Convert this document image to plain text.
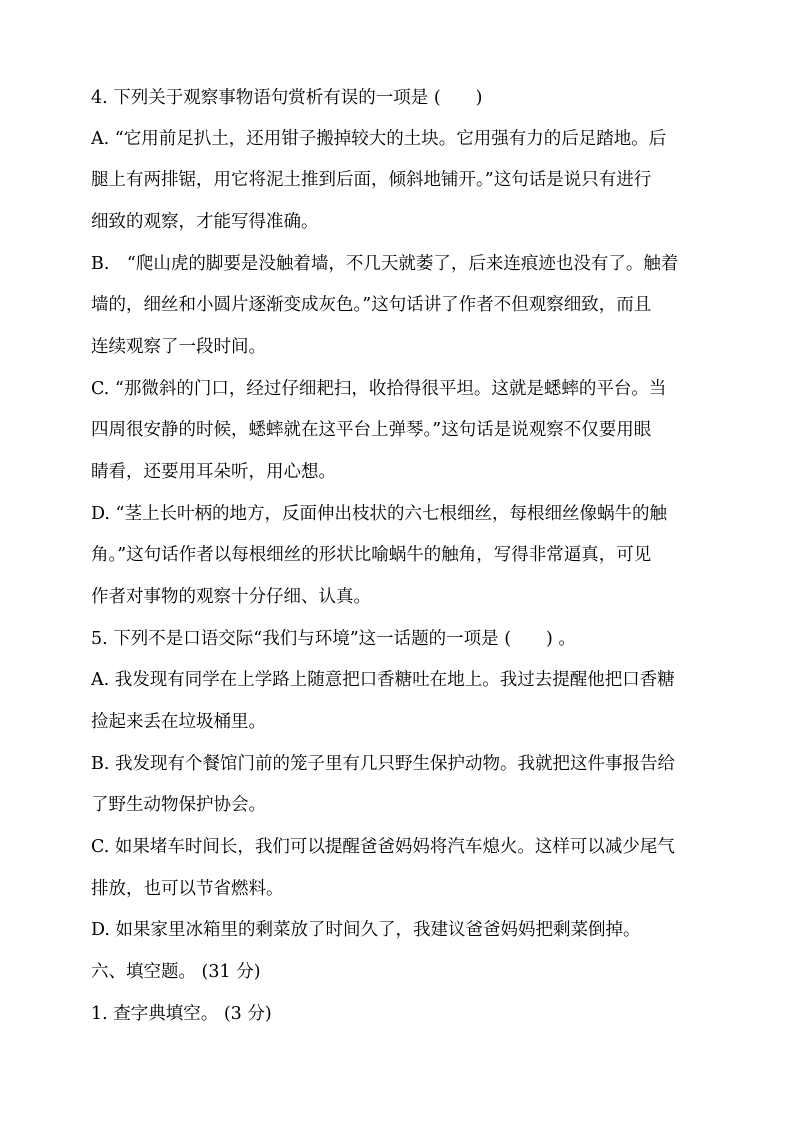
4. 下列关于观察事物语句赏析有误的一项是 (　　)
A. “它用前足扒土，还用钳子搬掉较大的土块。它用强有力的后足踏地。后
腿上有两排锯，用它将泥土推到后面，倾斜地铺开。”这句话是说只有进行
细致的观察，才能写得准确。
B.　“爬山虎的脚要是没触着墙，不几天就萎了，后来连痕迹也没有了。触着
墙的，细丝和小圆片逐渐变成灰色。”这句话讲了作者不但观察细致，而且
连续观察了一段时间。
C. “那微斜的门口，经过仔细耙扫，收拾得很平坦。这就是蟋蟀的平台。当
四周很安静的时候，蟋蟀就在这平台上弹琴。”这句话是说观察不仅要用眼
睛看，还要用耳朵听，用心想。
D. “茎上长叶柄的地方，反面伸出枝状的六七根细丝，每根细丝像蜗牛的触
角。”这句话作者以每根细丝的形状比喻蜗牛的触角，写得非常逼真，可见
作者对事物的观察十分仔细、认真。
5. 下列不是口语交际“我们与环境”这一话题的一项是 (　　) 。
A. 我发现有同学在上学路上随意把口香糖吐在地上。我过去提醒他把口香糖
捡起来丢在垃圾桶里。
B. 我发现有个餐馆门前的笼子里有几只野生保护动物。我就把这件事报告给
了野生动物保护协会。
C. 如果堵车时间长，我们可以提醒爸爸妈妈将汽车熄火。这样可以减少尾气
排放，也可以节省燃料。
D. 如果家里冰箱里的剩菜放了时间久了，我建议爸爸妈妈把剩菜倒掉。
六、填空题。 (31 分)
1. 查字典填空。 (3 分)
